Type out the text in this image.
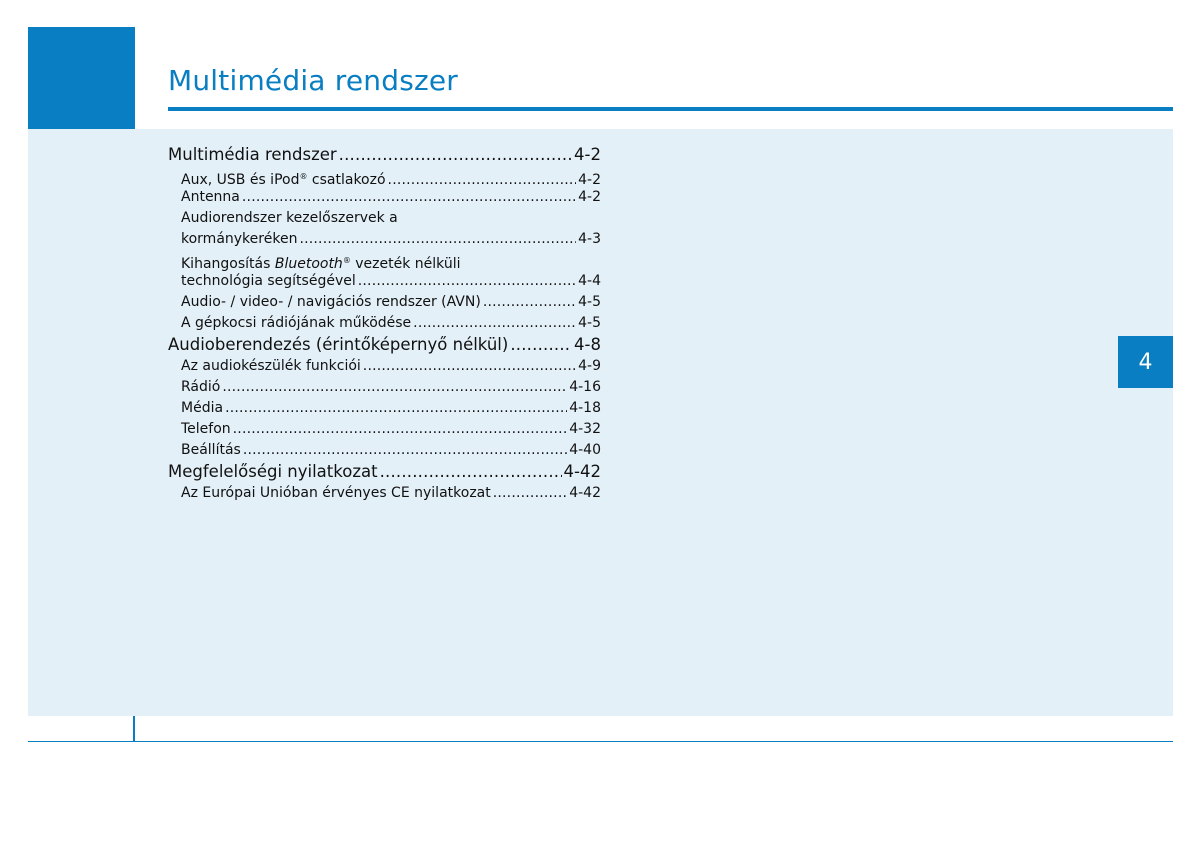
Multimédia rendszer
4
Multimédia rendszer .....	4-2
Aux, USB és iPod® csatlakozó .....	4-2
Antenna .....	4-2
Audiorendszer kezelőszervek a
kormánykeréken .....	4-3
Kihangosítás Bluetooth® vezeték nélküli
technológia segítségével .....	4-4
Audio- / video- / navigációs rendszer (AVN) .....	4-5
A gépkocsi rádiójának működése .....	4-5
Audioberendezés (érintőképernyő nélkül) .....	4-8
Az audiokészülék funkciói .....	4-9
Rádió .....	4-16
Média .....	4-18
Telefon .....	4-32
Beállítás .....	4-40
Megfelelőségi nyilatkozat .....	4-42
Az Európai Unióban érvényes CE nyilatkozat .....	4-42
